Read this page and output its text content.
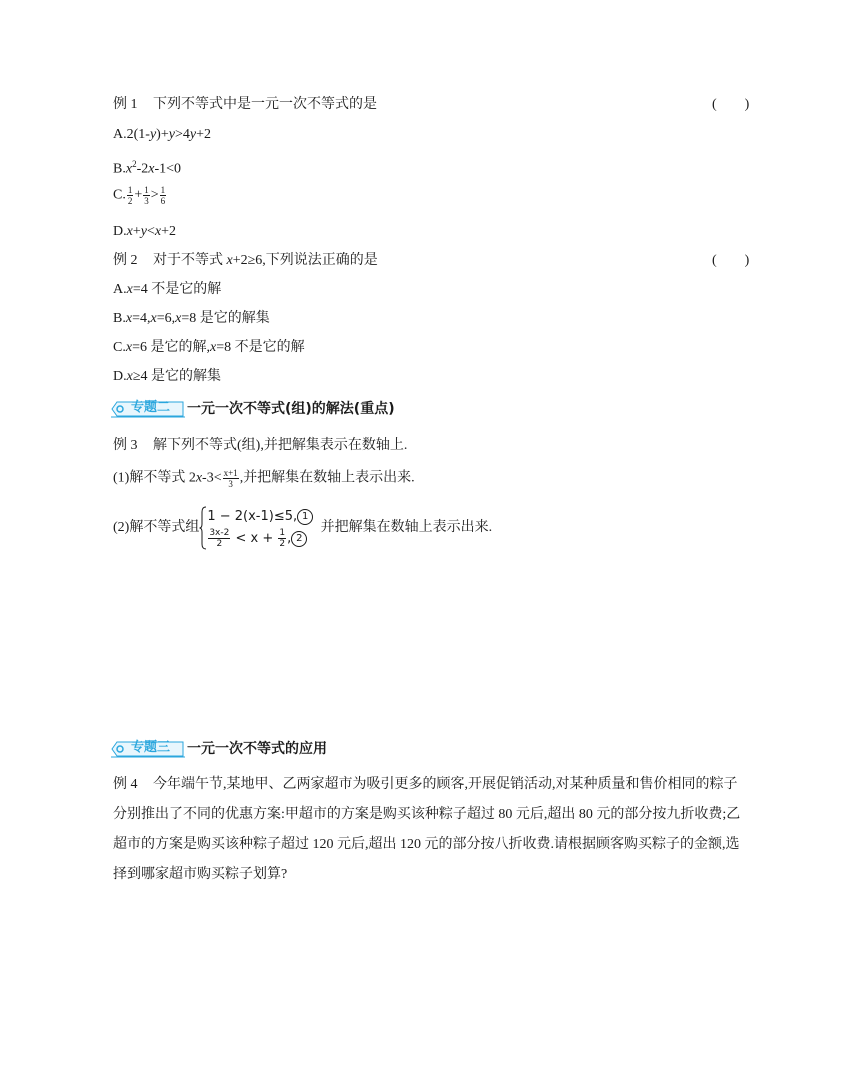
例 1 下列不等式中是一元一次不等式的是	(　　)
A.2(1-y)+y>4y+2
$B.x^2-2x-1<0$
C. $\frac{1}{2} + \frac{1}{3} > \frac{1}{6}$
D.x+y<x+2
例 2 对于不等式 x+2≥6,下列说法正确的是	(　　)
A.x=4 不是它的解
B.x=4,x=6,x=8 是它的解集
C.x=6 是它的解,x=8 不是它的解
D.x≥4 是它的解集
专题二 一元一次不等式(组)的解法(重点)
例 3 解下列不等式(组),并把解集表示在数轴上.
(1)解不等式 $2x-3< \frac{x+1}{3}$ ,并把解集在数轴上表示出来.
(2)解不等式组
1 − 2(x-1)≤5, 1
$\frac{3x-2}{2} < x + \frac{1}{2}$ , 2
并把解集在数轴上表示出来.
专题三 一元一次不等式的应用
例 4 今年端午节,某地甲、乙两家超市为吸引更多的顾客,开展促销活动,对某种质量和售价相同的粽子分别推出了不同的优惠方案:甲超市的方案是购买该种粽子超过 80 元后,超出 80 元的部分按九折收费;乙超市的方案是购买该种粽子超过 120 元后,超出 120 元的部分按八折收费.请根据顾客购买粽子的金额,选择到哪家超市购买粽子划算?
